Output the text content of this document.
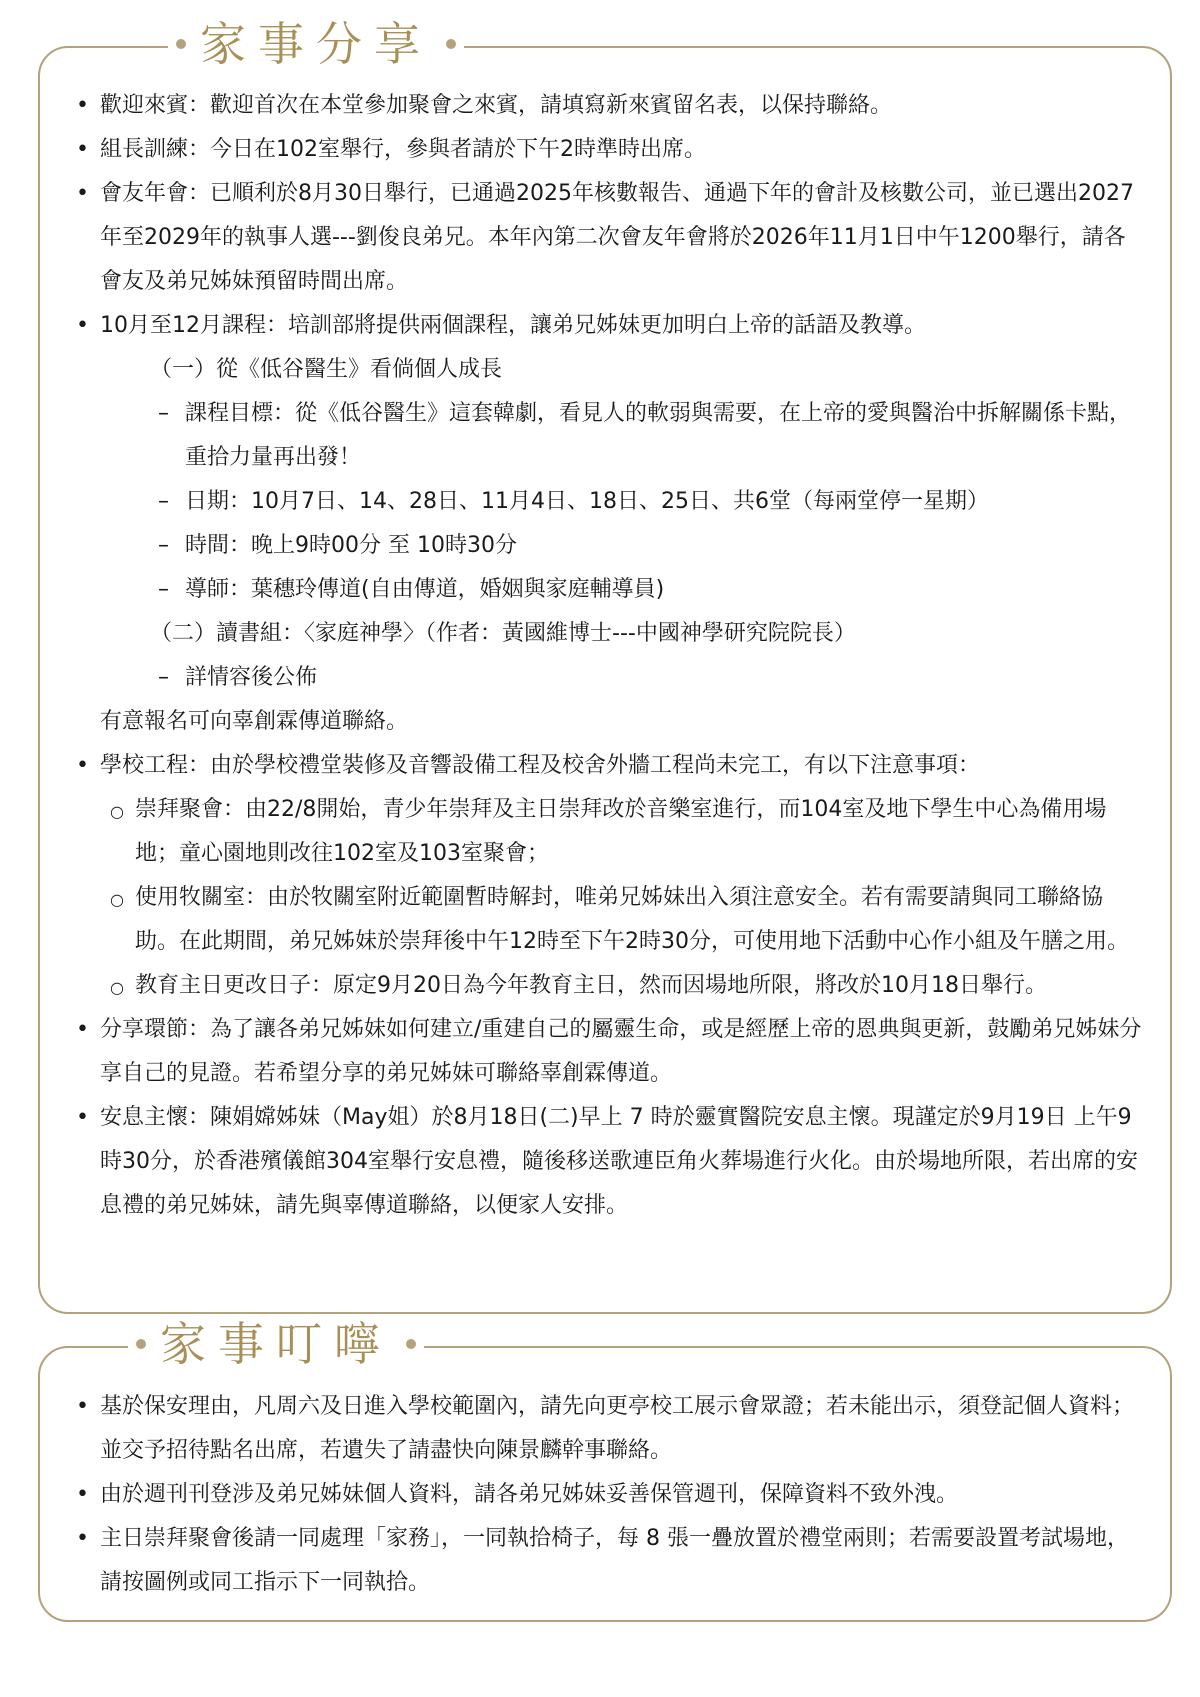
家事分享
• 歡迎來賓：歡迎首次在本堂參加聚會之來賓，請填寫新來賓留名表，以保持聯絡。
• 組長訓練：今日在102室舉行，參與者請於下午2時準時出席。
• 會友年會：已順利於8月30日舉行，已通過2025年核數報告、通過下年的會計及核數公司，並已選出2027年至2029年的執事人選---劉俊良弟兄。本年內第二次會友年會將於2026年11月1日中午1200舉行，請各會友及弟兄姊妹預留時間出席。
• 10月至12月課程：培訓部將提供兩個課程，讓弟兄姊妹更加明白上帝的話語及教導。
（一）從《低谷醫生》看倘個人成長
– 課程目標：從《低谷醫生》這套韓劇，看見人的軟弱與需要，在上帝的愛與醫治中拆解關係卡點，重拾力量再出發！
– 日期：10月7日、14、28日、11月4日、18日、25日、共6堂（每兩堂停一星期）
– 時間：晚上9時00分 至 10時30分
– 導師：葉穗玲傳道(自由傳道，婚姻與家庭輔導員)
（二）讀書組：〈家庭神學〉（作者：黃國維博士---中國神學研究院院長）
– 詳情容後公佈
有意報名可向辜創霖傳道聯絡。
• 學校工程：由於學校禮堂裝修及音響設備工程及校舍外牆工程尚未完工，有以下注意事項：
○ 崇拜聚會：由22/8開始，青少年崇拜及主日崇拜改於音樂室進行，而104室及地下學生中心為備用場地；童心園地則改往102室及103室聚會；
○ 使用牧關室：由於牧關室附近範圍暫時解封，唯弟兄姊妹出入須注意安全。若有需要請與同工聯絡協助。在此期間，弟兄姊妹於崇拜後中午12時至下午2時30分，可使用地下活動中心作小組及午膳之用。
○ 教育主日更改日子：原定9月20日為今年教育主日，然而因場地所限，將改於10月18日舉行。
• 分享環節：為了讓各弟兄姊妹如何建立/重建自己的屬靈生命，或是經歷上帝的恩典與更新，鼓勵弟兄姊妹分享自己的見證。若希望分享的弟兄姊妹可聯絡辜創霖傳道。
• 安息主懷：陳娟嫦姊妹（May姐）於8月18日(二)早上 7 時於靈實醫院安息主懷。現謹定於9月19日 上午9時30分，於香港殯儀館304室舉行安息禮，隨後移送歌連臣角火葬場進行火化。由於場地所限，若出席的安息禮的弟兄姊妹，請先與辜傳道聯絡，以便家人安排。
家事叮嚀
• 基於保安理由，凡周六及日進入學校範圍內，請先向更亭校工展示會眾證；若未能出示，須登記個人資料；並交予招待點名出席，若遺失了請盡快向陳景麟幹事聯絡。
• 由於週刊刊登涉及弟兄姊妹個人資料，請各弟兄姊妹妥善保管週刊，保障資料不致外洩。
• 主日崇拜聚會後請一同處理「家務」，一同執拾椅子，每 8 張一疊放置於禮堂兩則；若需要設置考試場地，請按圖例或同工指示下一同執拾。
